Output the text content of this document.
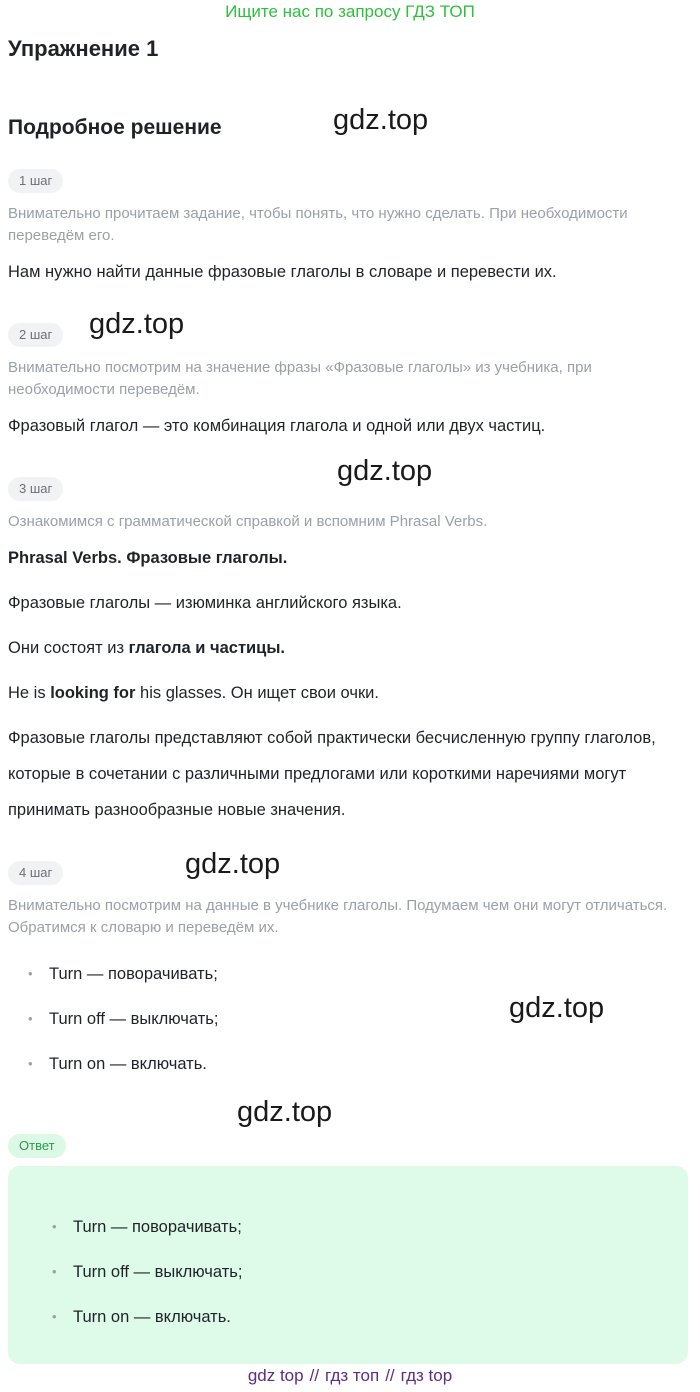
Ищите нас по запросу ГДЗ ТОП
Упражнение 1
Подробное решение	gdz.top
gdz.top
gdz.top
gdz.top
gdz.top
gdz.top
1 шаг
Внимательно прочитаем задание, чтобы понять, что нужно сделать. При необходимости переведём его.
Нам нужно найти данные фразовые глаголы в словаре и перевести их.
2 шаг
Внимательно посмотрим на значение фразы «Фразовые глаголы» из учебника, при необходимости переведём.
Фразовый глагол — это комбинация глагола и одной или двух частиц.
3 шаг
Ознакомимся с грамматической справкой и вспомним Phrasal Verbs.
Phrasal Verbs. Фразовые глаголы.
Фразовые глаголы — изюминка английского языка.
Они состоят из глагола и частицы.
He is looking for his glasses. Он ищет свои очки.
Фразовые глаголы представляют собой практически бесчисленную группу глаголов, которые в сочетании с различными предлогами или короткими наречиями могут принимать разнообразные новые значения.
4 шаг
Внимательно посмотрим на данные в учебнике глаголы. Подумаем чем они могут отличаться. Обратимся к словарю и переведём их.
• Turn — поворачивать;
• Turn off — выключать;
• Turn on — включать.
Ответ
• Turn — поворачивать;
• Turn off — выключать;
• Turn on — включать.
gdz top // гдз топ // гдз top
